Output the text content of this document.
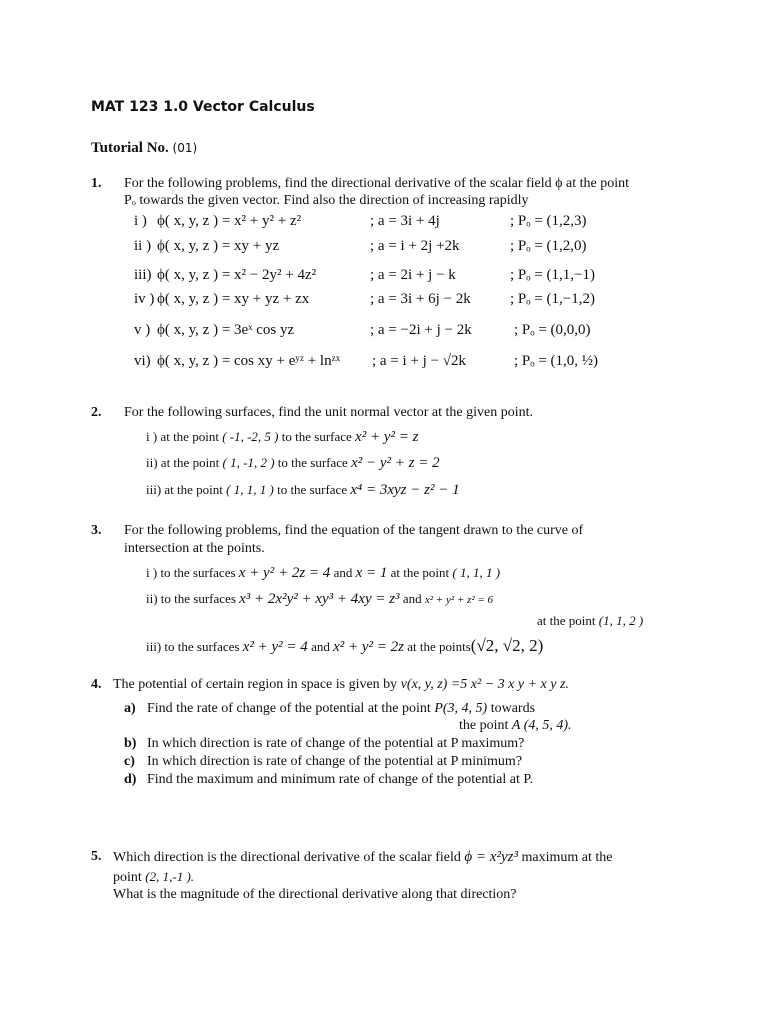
MAT 123 1.0 Vector Calculus
Tutorial No. (01)
1. For the following problems, find the directional derivative of the scalar field ϕ at the point
Pₒ towards the given vector. Find also the direction of increasing rapidly
i ) ϕ( x, y, z ) = x² + y² + z²	; a = 3i + 4j	; Pₒ = (1,2,3)
ii ) ϕ( x, y, z ) = xy + yz	; a = i + 2j +2k	; Pₒ = (1,2,0)
iii) ϕ( x, y, z ) = x² − 2y² + 4z²	; a = 2i + j − k	; Pₒ = (1,1,−1)
iv ) ϕ( x, y, z ) = xy + yz + zx	; a = 3i + 6j − 2k	; Pₒ = (1,−1,2)
v ) ϕ( x, y, z ) = 3eˣ cos yz	; a = −2i + j − 2k	; Pₒ = (0,0,0)
vi) ϕ( x, y, z ) = cos xy + eʸᶻ + lnᶻˣ ; a = i + j − √2k	; Pₒ = (1,0, ½)
2. For the following surfaces, find the unit normal vector at the given point.
i ) at the point ( -1, -2, 5 ) to the surface x² + y² = z
ii) at the point ( 1, -1, 2 ) to the surface x² − y² + z = 2
iii) at the point ( 1, 1, 1 ) to the surface x⁴ = 3xyz − z² − 1
3. For the following problems, find the equation of the tangent drawn to the curve of
intersection at the points.
i ) to the surfaces x + y² + 2z = 4 and x = 1 at the point ( 1, 1, 1 )
ii) to the surfaces x³ + 2x²y² + xy³ + 4xy = z³ and x² + y² + z² = 6
at the point (1, 1, 2 )
iii) to the surfaces x² + y² = 4 and x² + y² = 2z at the points(√2, √2, 2)
4. The potential of certain region in space is given by v(x, y, z) =5 x² − 3 x y + x y z.
a) Find the rate of change of the potential at the point P(3, 4, 5) towards
the point A (4, 5, 4).
b) In which direction is rate of change of the potential at P maximum?
c) In which direction is rate of change of the potential at P minimum?
d) Find the maximum and minimum rate of change of the potential at P.
5. Which direction is the directional derivative of the scalar field ϕ = x²yz³ maximum at the
point (2, 1,-1 ).
What is the magnitude of the directional derivative along that direction?
